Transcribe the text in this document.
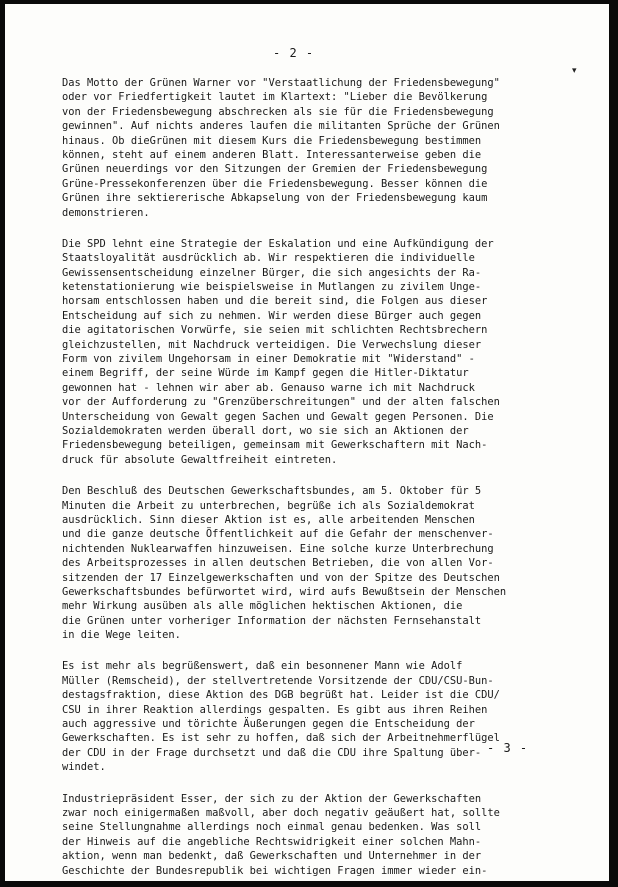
- 2 -
▾
Das Motto der Grünen Warner vor "Verstaatlichung der Friedensbewegung"
oder vor Friedfertigkeit lautet im Klartext: "Lieber die Bevölkerung
von der Friedensbewegung abschrecken als sie für die Friedensbewegung
gewinnen". Auf nichts anderes laufen die militanten Sprüche der Grünen
hinaus. Ob dieGrünen mit diesem Kurs die Friedensbewegung bestimmen
können, steht auf einem anderen Blatt. Interessanterweise geben die
Grünen neuerdings vor den Sitzungen der Gremien der Friedensbewegung
Grüne-Pressekonferenzen über die Friedensbewegung. Besser können die
Grünen ihre sektiererische Abkapselung von der Friedensbewegung kaum
demonstrieren.
Die SPD lehnt eine Strategie der Eskalation und eine Aufkündigung der
Staatsloyalität ausdrücklich ab. Wir respektieren die individuelle
Gewissensentscheidung einzelner Bürger, die sich angesichts der Ra-
ketenstationierung wie beispielsweise in Mutlangen zu zivilem Unge-
horsam entschlossen haben und die bereit sind, die Folgen aus dieser
Entscheidung auf sich zu nehmen. Wir werden diese Bürger auch gegen
die agitatorischen Vorwürfe, sie seien mit schlichten Rechtsbrechern
gleichzustellen, mit Nachdruck verteidigen. Die Verwechslung dieser
Form von zivilem Ungehorsam in einer Demokratie mit "Widerstand" -
einem Begriff, der seine Würde im Kampf gegen die Hitler-Diktatur
gewonnen hat - lehnen wir aber ab. Genauso warne ich mit Nachdruck
vor der Aufforderung zu "Grenzüberschreitungen" und der alten falschen
Unterscheidung von Gewalt gegen Sachen und Gewalt gegen Personen. Die
Sozialdemokraten werden überall dort, wo sie sich an Aktionen der
Friedensbewegung beteiligen, gemeinsam mit Gewerkschaftern mit Nach-
druck für absolute Gewaltfreiheit eintreten.
Den Beschluß des Deutschen Gewerkschaftsbundes, am 5. Oktober für 5
Minuten die Arbeit zu unterbrechen, begrüße ich als Sozialdemokrat
ausdrücklich. Sinn dieser Aktion ist es, alle arbeitenden Menschen
und die ganze deutsche Öffentlichkeit auf die Gefahr der menschenver-
nichtenden Nuklearwaffen hinzuweisen. Eine solche kurze Unterbrechung
des Arbeitsprozesses in allen deutschen Betrieben, die von allen Vor-
sitzenden der 17 Einzelgewerkschaften und von der Spitze des Deutschen
Gewerkschaftsbundes befürwortet wird, wird aufs Bewußtsein der Menschen
mehr Wirkung ausüben als alle möglichen hektischen Aktionen, die
die Grünen unter vorheriger Information der nächsten Fernsehanstalt
in die Wege leiten.
Es ist mehr als begrüßenswert, daß ein besonnener Mann wie Adolf
Müller (Remscheid), der stellvertretende Vorsitzende der CDU/CSU-Bun-
destagsfraktion, diese Aktion des DGB begrüßt hat. Leider ist die CDU/
CSU in ihrer Reaktion allerdings gespalten. Es gibt aus ihren Reihen
auch aggressive und törichte Äußerungen gegen die Entscheidung der
Gewerkschaften. Es ist sehr zu hoffen, daß sich der Arbeitnehmerflügel
der CDU in der Frage durchsetzt und daß die CDU ihre Spaltung über-
windet.
Industriepräsident Esser, der sich zu der Aktion der Gewerkschaften
zwar noch einigermaßen maßvoll, aber doch negativ geäußert hat, sollte
seine Stellungnahme allerdings noch einmal genau bedenken. Was soll
der Hinweis auf die angebliche Rechtswidrigkeit einer solchen Mahn-
aktion, wenn man bedenkt, daß Gewerkschaften und Unternehmer in der
Geschichte der Bundesrepublik bei wichtigen Fragen immer wieder ein-
- 3 -
